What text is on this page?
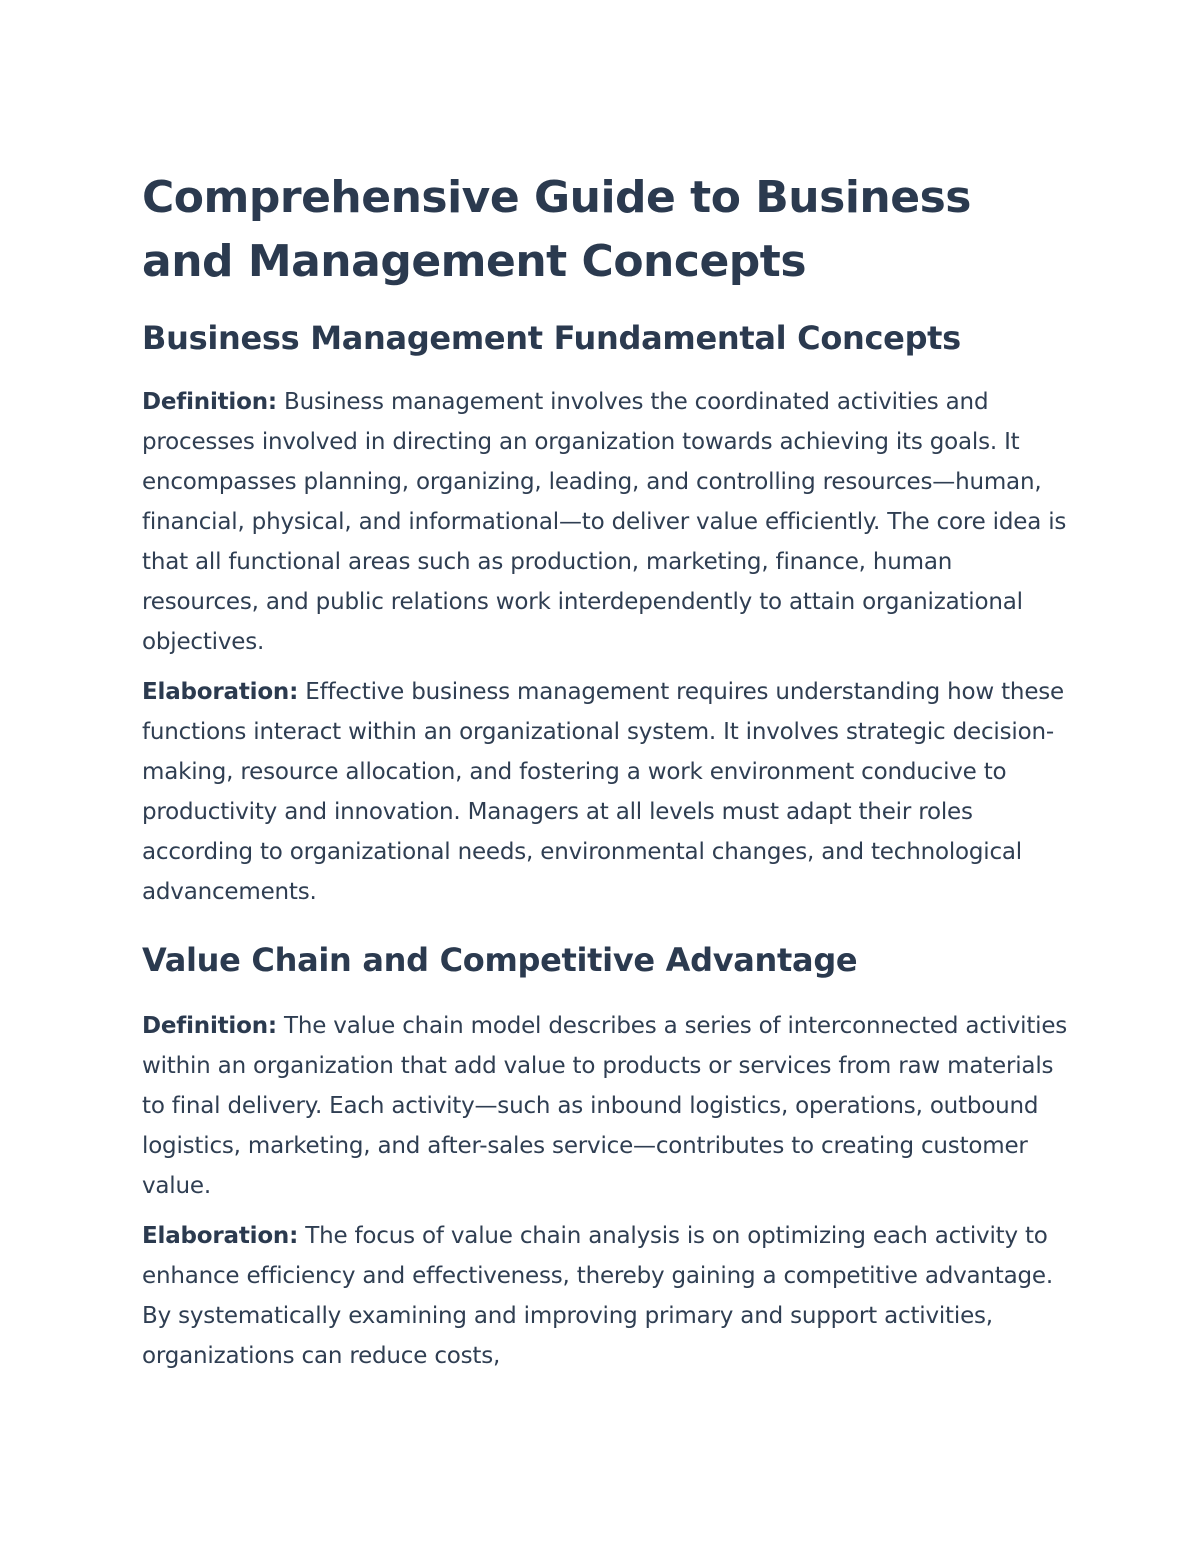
Comprehensive Guide to Business and Management Concepts
Business Management Fundamental Concepts

Definition: Business management involves the coordinated activities and processes involved in directing an organization towards achieving its goals. It encompasses planning, organizing, leading, and controlling resources—human, financial, physical, and informational—to deliver value efficiently. The core idea is that all functional areas such as production, marketing, finance, human resources, and public relations work interdependently to attain organizational objectives.

Elaboration: Effective business management requires understanding how these functions interact within an organizational system. It involves strategic decision-making, resource allocation, and fostering a work environment conducive to productivity and innovation. Managers at all levels must adapt their roles according to organizational needs, environmental changes, and technological advancements.

Value Chain and Competitive Advantage

Definition: The value chain model describes a series of interconnected activities within an organization that add value to products or services from raw materials to final delivery. Each activity—such as inbound logistics, operations, outbound logistics, marketing, and after-sales service—contributes to creating customer value.

Elaboration: The focus of value chain analysis is on optimizing each activity to enhance efficiency and effectiveness, thereby gaining a competitive advantage. By systematically examining and improving primary and support activities, organizations can reduce costs,
